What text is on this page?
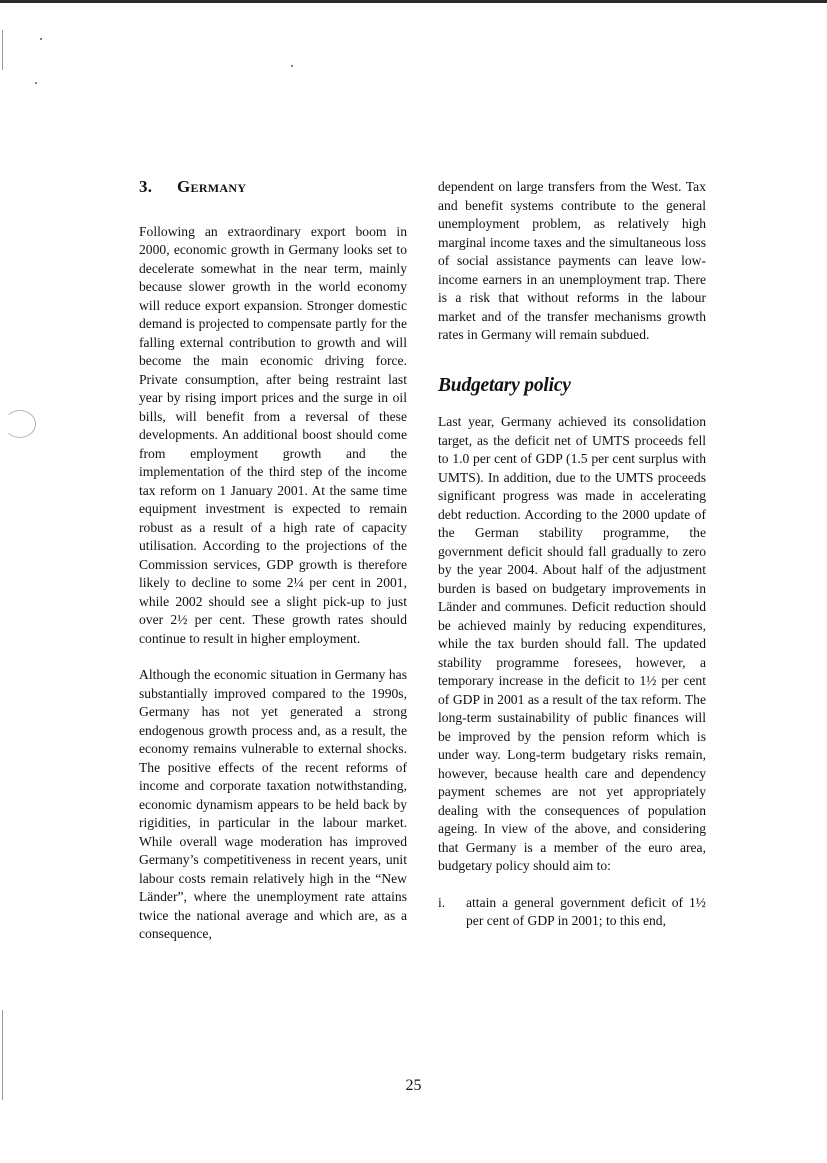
3. Germany

Following an extraordinary export boom in 2000, economic growth in Germany looks set to decelerate somewhat in the near term, mainly because slower growth in the world economy will reduce export expansion. Stronger domestic demand is projected to compensate partly for the falling external contribution to growth and will become the main economic driving force. Private consumption, after being restraint last year by rising import prices and the surge in oil bills, will benefit from a reversal of these developments. An additional boost should come from employment growth and the implementation of the third step of the income tax reform on 1 January 2001. At the same time equipment investment is expected to remain robust as a result of a high rate of capacity utilisation. According to the projections of the Commission services, GDP growth is therefore likely to decline to some 2¼ per cent in 2001, while 2002 should see a slight pick-up to just over 2½ per cent. These growth rates should continue to result in higher employment.

Although the economic situation in Germany has substantially improved compared to the 1990s, Germany has not yet generated a strong endogenous growth process and, as a result, the economy remains vulnerable to external shocks. The positive effects of the recent reforms of income and corporate taxation notwithstanding, economic dynamism appears to be held back by rigidities, in particular in the labour market. While overall wage moderation has improved Germany’s competitiveness in recent years, unit labour costs remain relatively high in the “New Länder”, where the unemployment rate attains twice the national average and which are, as a consequence,

dependent on large transfers from the West. Tax and benefit systems contribute to the general unemployment problem, as relatively high marginal income taxes and the simultaneous loss of social assistance payments can leave low-income earners in an unemployment trap. There is a risk that without reforms in the labour market and of the transfer mechanisms growth rates in Germany will remain subdued.

Budgetary policy

Last year, Germany achieved its consolidation target, as the deficit net of UMTS proceeds fell to 1.0 per cent of GDP (1.5 per cent surplus with UMTS). In addition, due to the UMTS proceeds significant progress was made in accelerating debt reduction. According to the 2000 update of the German stability programme, the government deficit should fall gradually to zero by the year 2004. About half of the adjustment burden is based on budgetary improvements in Länder and communes. Deficit reduction should be achieved mainly by reducing expenditures, while the tax burden should fall. The updated stability programme foresees, however, a temporary increase in the deficit to 1½ per cent of GDP in 2001 as a result of the tax reform. The long-term sustainability of public finances will be improved by the pension reform which is under way. Long-term budgetary risks remain, however, because health care and dependency payment schemes are not yet appropriately dealing with the consequences of population ageing. In view of the above, and considering that Germany is a member of the euro area, budgetary policy should aim to:

i.	attain a general government deficit of 1½ per cent of GDP in 2001; to this end,
25
